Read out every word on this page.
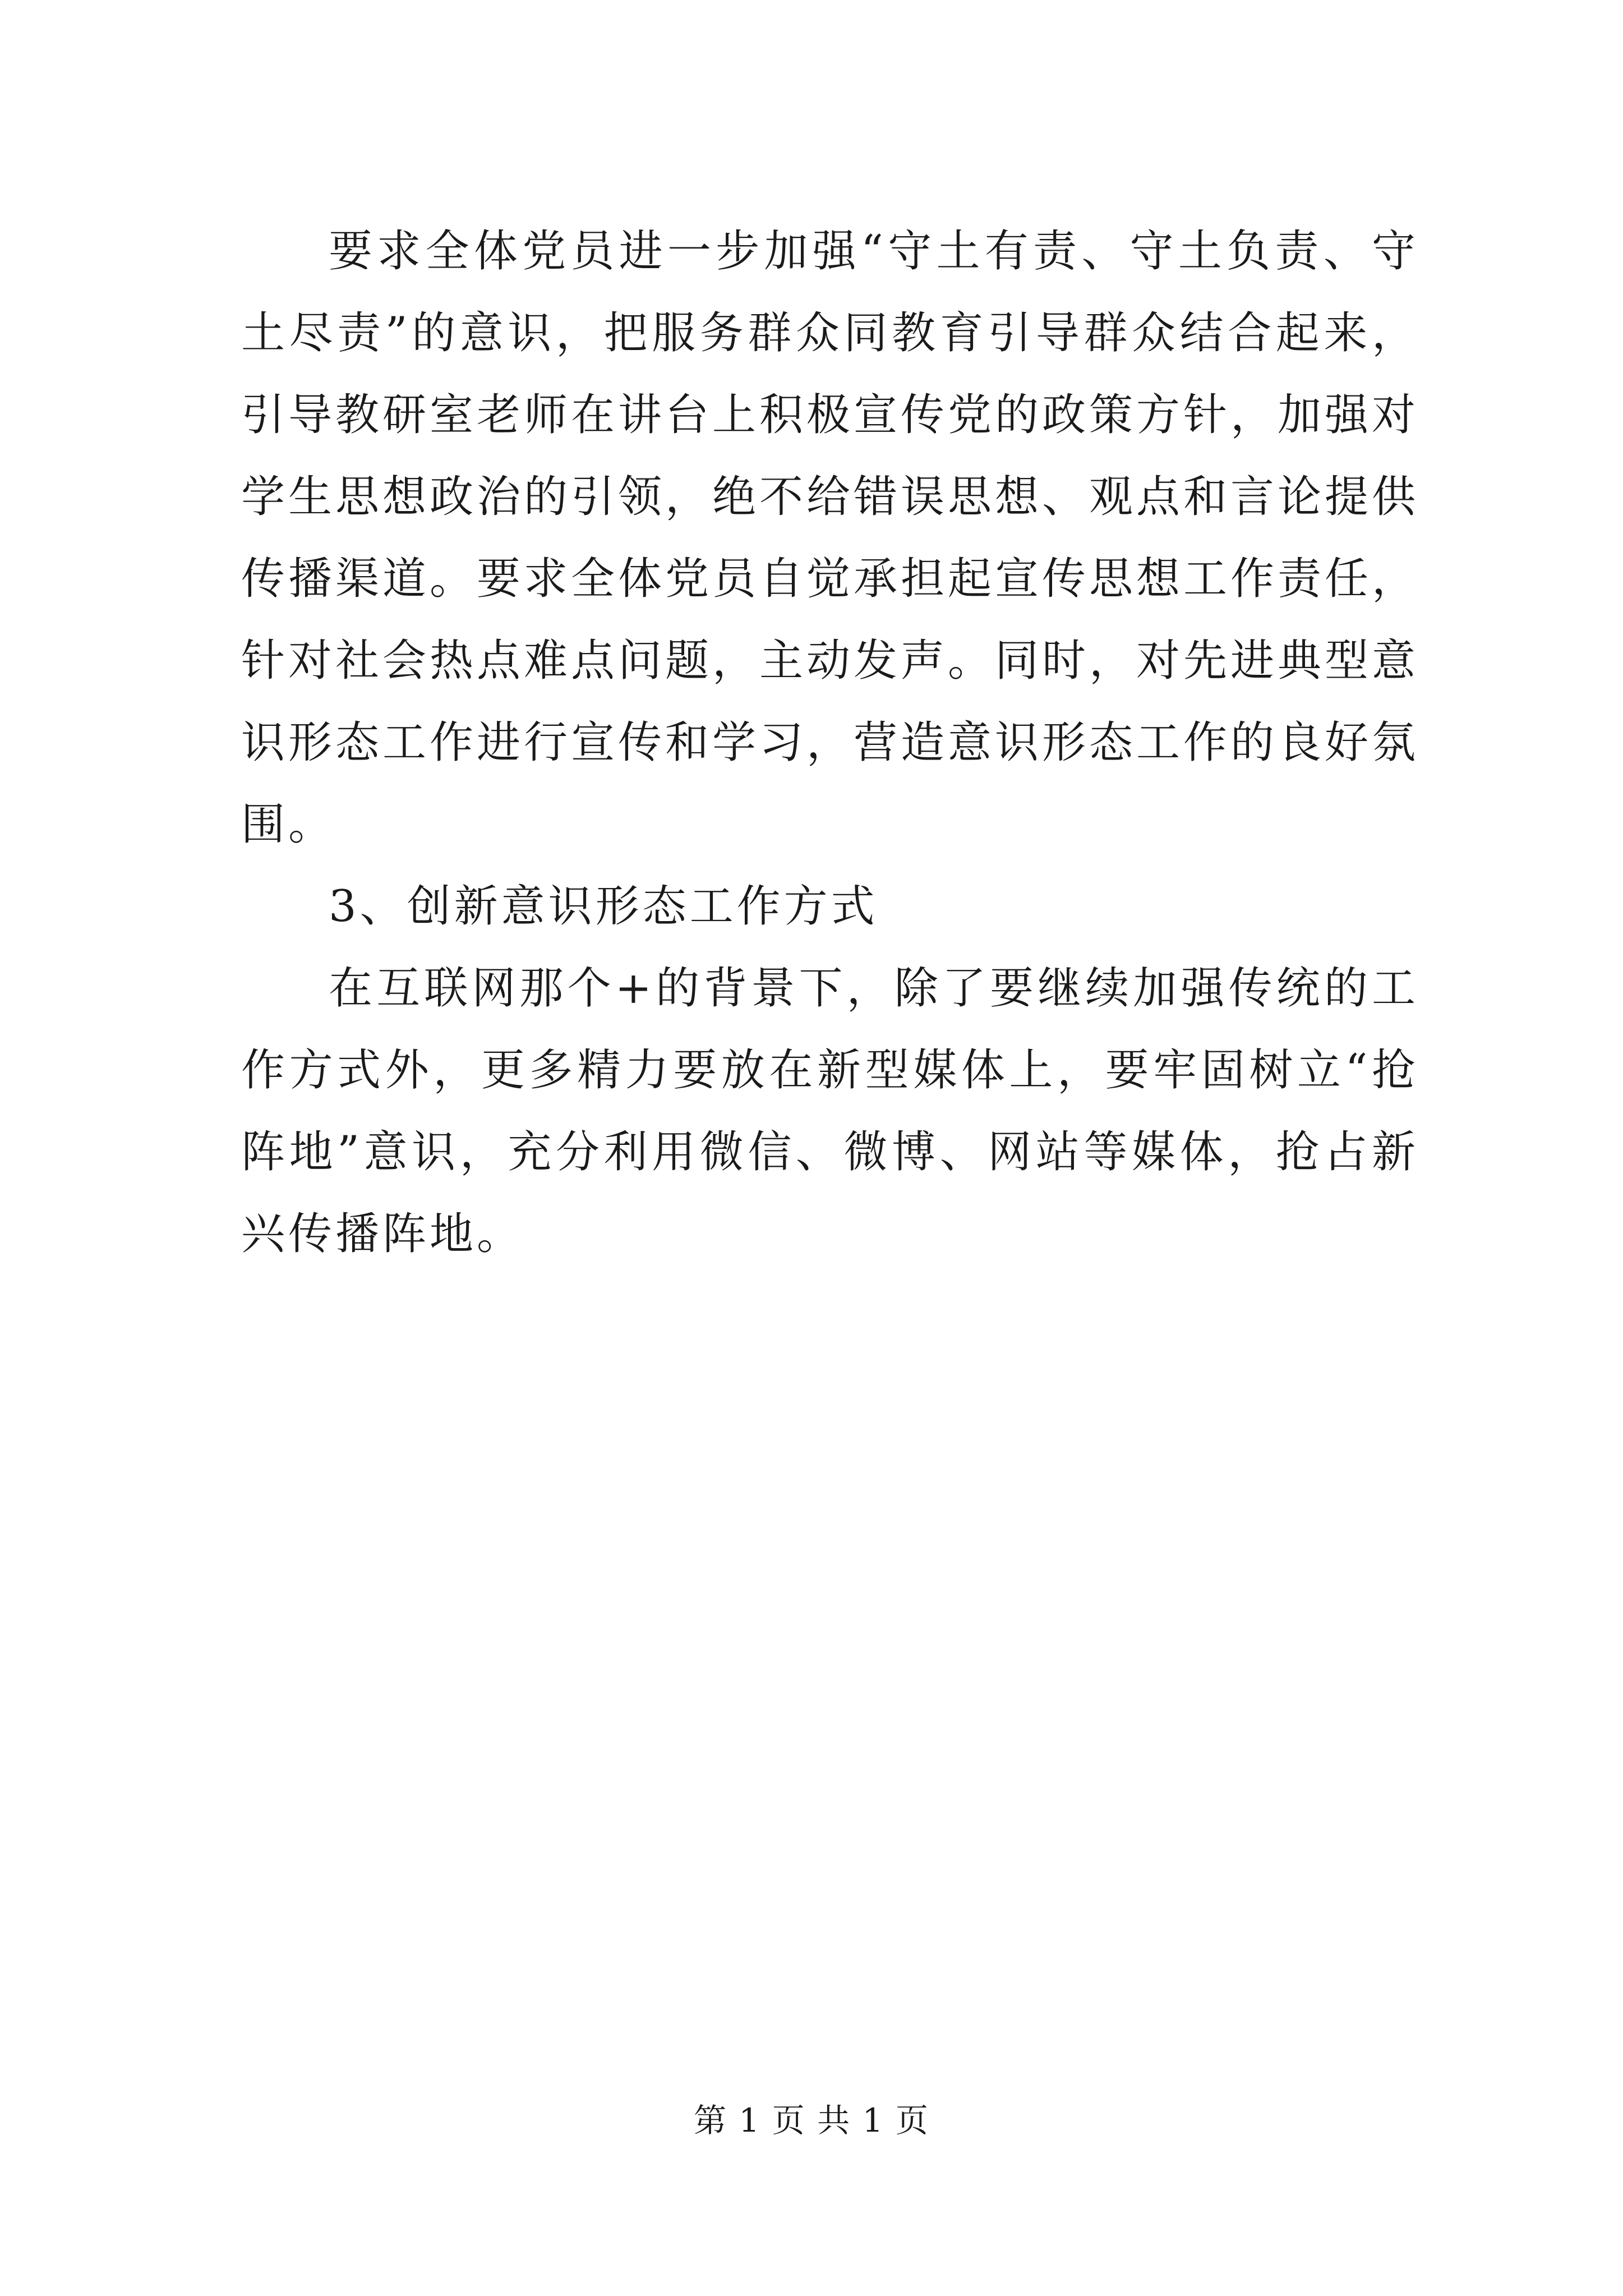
要求全体党员进一步加强“守土有责、守土负责、守土尽责”的意识，把服务群众同教育引导群众结合起来，引导教研室老师在讲台上积极宣传党的政策方针，加强对学生思想政治的引领，绝不给错误思想、观点和言论提供传播渠道。要求全体党员自觉承担起宣传思想工作责任，针对社会热点难点问题，主动发声。同时，对先进典型意识形态工作进行宣传和学习，营造意识形态工作的良好氛围。

3、创新意识形态工作方式

在互联网那个+的背景下，除了要继续加强传统的工作方式外，更多精力要放在新型媒体上，要牢固树立“抢阵地”意识，充分利用微信、微博、网站等媒体，抢占新兴传播阵地。

第 1 页 共 1 页
